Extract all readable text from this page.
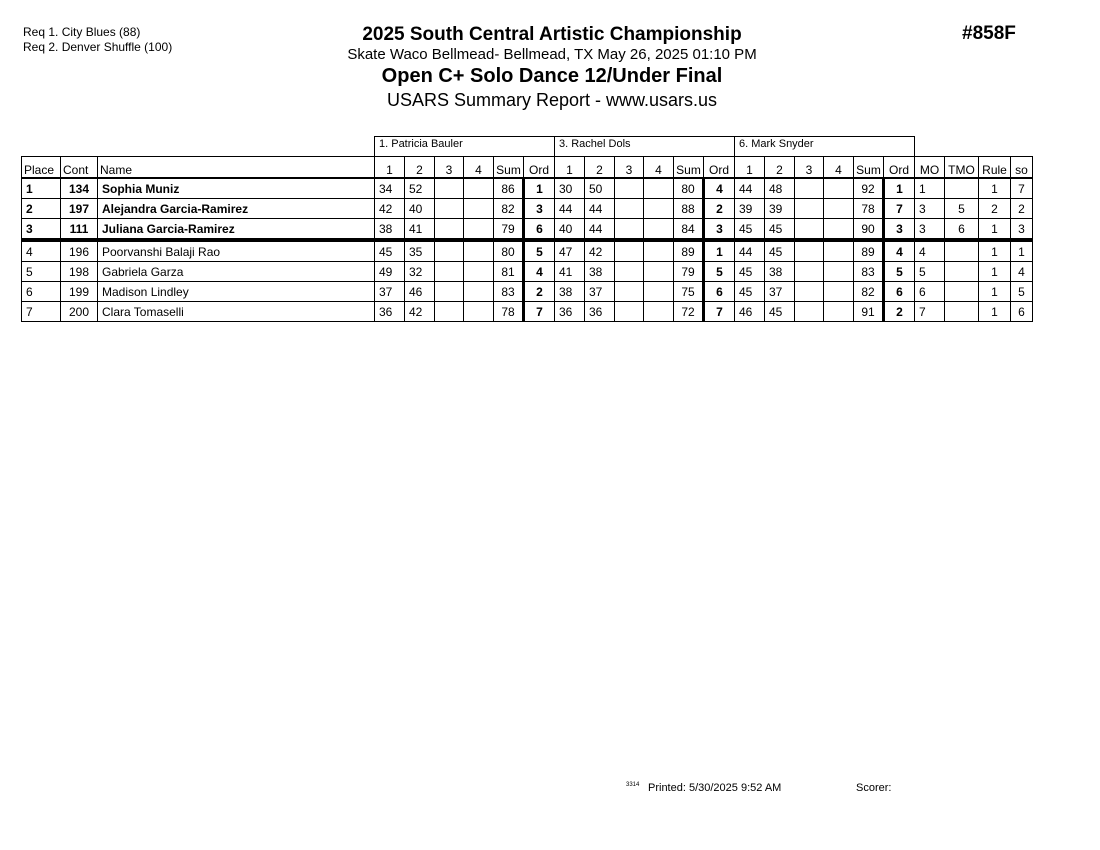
Req 1. City Blues (88)
Req 2. Denver Shuffle (100)
2025 South Central Artistic Championship
Skate Waco Bellmead- Bellmead, TX May 26, 2025 01:10 PM
Open C+ Solo Dance 12/Under Final
USARS Summary Report - www.usars.us
#858F
			1. Patricia Bauler						3. Rachel Dols						6. Mark Snyder									
Place	Cont	Name	1	2	3	4	Sum	Ord	1	2	3	4	Sum	Ord	1	2	3	4	Sum	Ord	MO	TMO	Rule	so
1	134	Sophia Muniz	34	52			86	1	30	50			80	4	44	48			92	1	1		1	7
2	197	Alejandra Garcia-Ramirez	42	40			82	3	44	44			88	2	39	39			78	7	3	5	2	2
3	111	Juliana Garcia-Ramirez	38	41			79	6	40	44			84	3	45	45			90	3	3	6	1	3
4	196	Poorvanshi Balaji Rao	45	35			80	5	47	42			89	1	44	45			89	4	4		1	1
5	198	Gabriela Garza	49	32			81	4	41	38			79	5	45	38			83	5	5		1	4
6	199	Madison Lindley	37	46			83	2	38	37			75	6	45	37			82	6	6		1	5
7	200	Clara Tomaselli	36	42			78	7	36	36			72	7	46	45			91	2	7		1	6
3314 Printed: 5/30/2025 9:52 AM	Scorer:
